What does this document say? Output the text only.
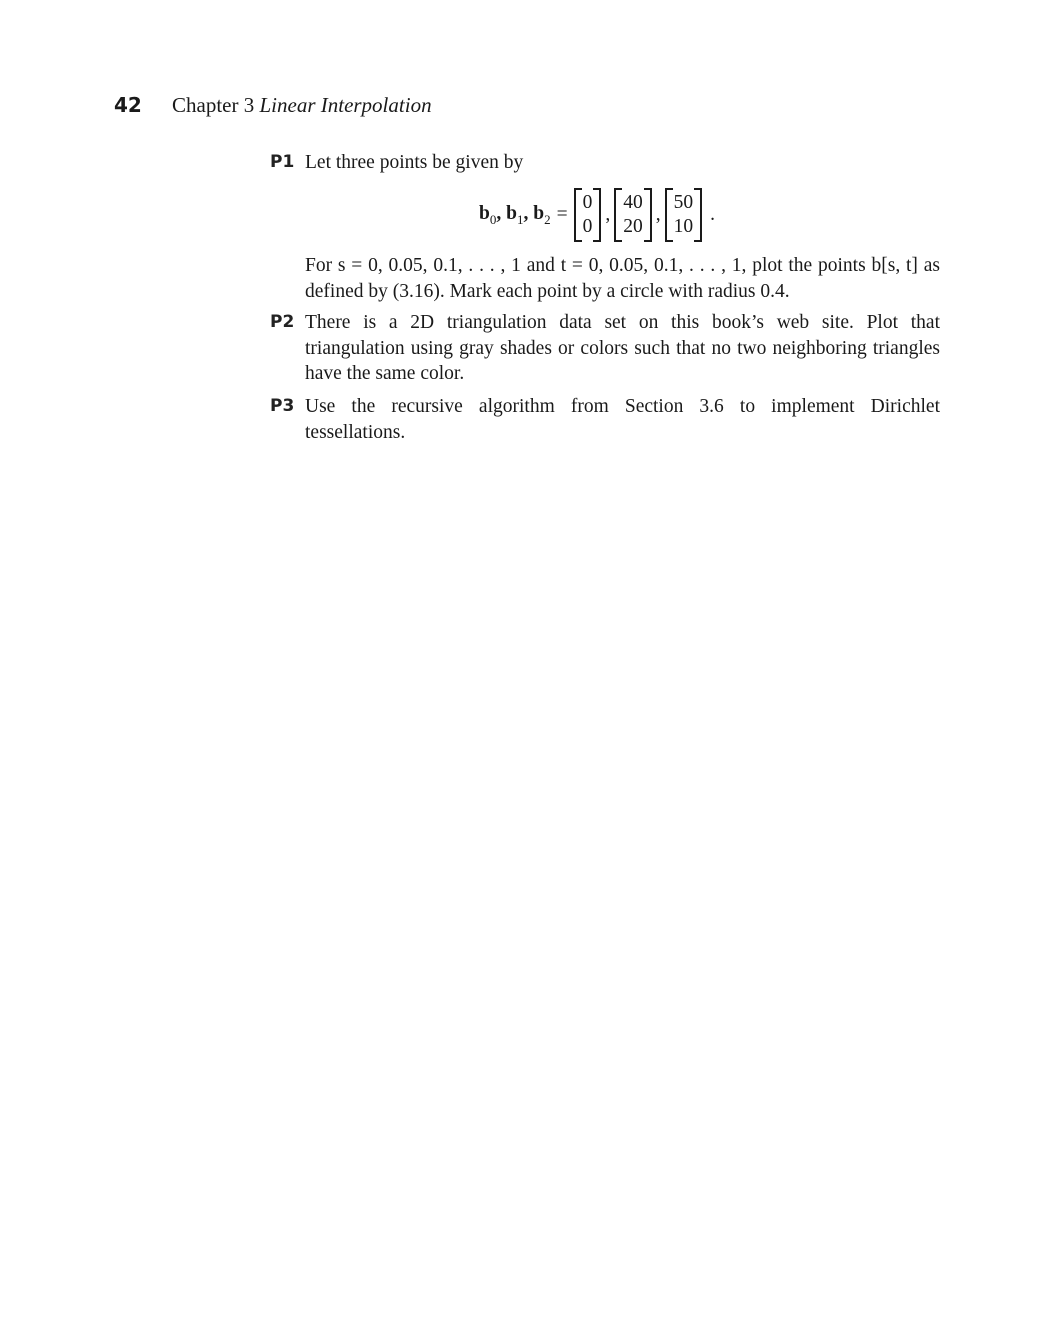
42 Chapter 3 Linear Interpolation
P1 Let three points be given by
$b_0$, $b_1$, $b_2$ =
0
0
,
40
20
,
50
10
.
For s = 0, 0.05, 0.1, . . . , 1 and t = 0, 0.05, 0.1, . . . , 1, plot the points b[s, t] as defined by (3.16). Mark each point by a circle with radius 0.4.
P2 There is a 2D triangulation data set on this book’s web site. Plot that triangulation using gray shades or colors such that no two neighboring triangles have the same color.
P3 Use the recursive algorithm from Section 3.6 to implement Dirichlet tessellations.
